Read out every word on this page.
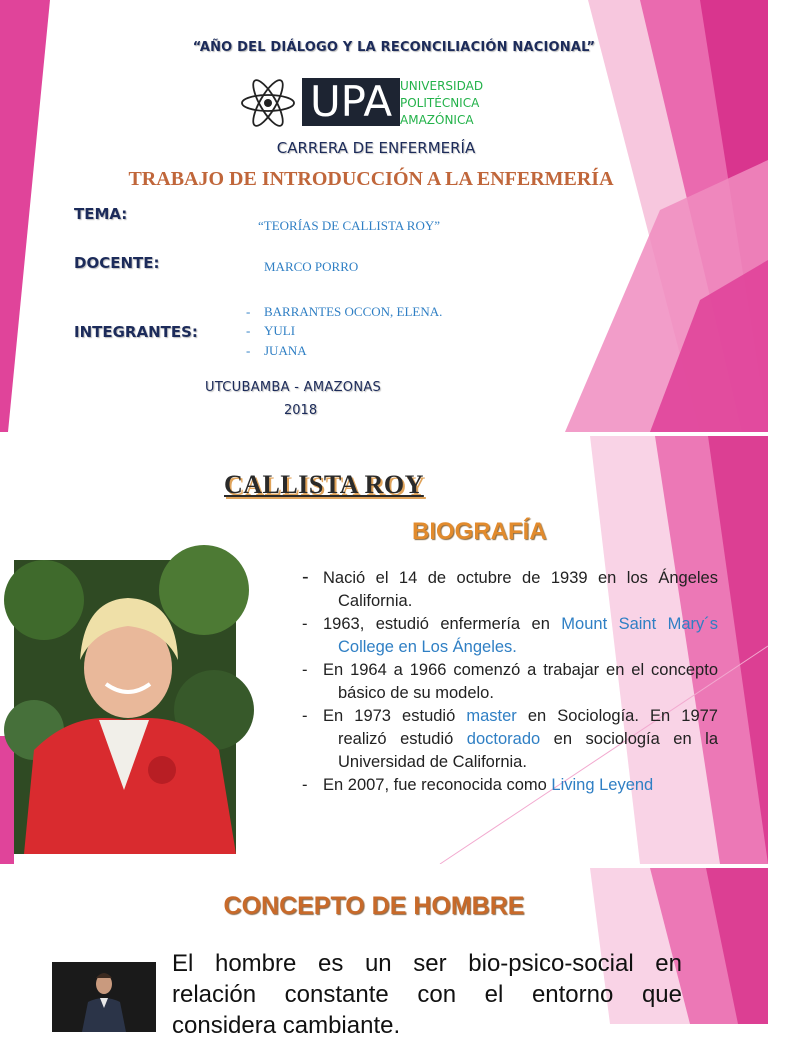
“AÑO DEL DIÁLOGO Y LA RECONCILIACIÓN NACIONAL”
UPA UNIVERSIDAD
POLITÉCNICA
AMAZÓNICA
CARRERA DE ENFERMERÍA
TRABAJO DE INTRODUCCIÓN A LA ENFERMERÍA
TEMA:
“TEORÍAS DE CALLISTA ROY”
DOCENTE:	MARCO PORRO
INTEGRANTES:
- BARRANTES OCCON, ELENA.
- YULI
- JUANA
UTCUBAMBA - AMAZONAS
2018
CALLISTA ROY
BIOGRAFÍA
- Nació el 14 de octubre de 1939 en los Ángeles California.
- 1963, estudió enfermería en Mount Saint Mary´s College en Los Ángeles.
- En 1964 a 1966 comenzó a trabajar en el concepto básico de su modelo.
- En 1973 estudió master en Sociología. En 1977 realizó estudió doctorado en sociología en la Universidad de California.
- En 2007, fue reconocida como Living Leyend
CONCEPTO DE HOMBRE

El hombre es un ser bio-psico-social en relación constante con el entorno que considera cambiante.
